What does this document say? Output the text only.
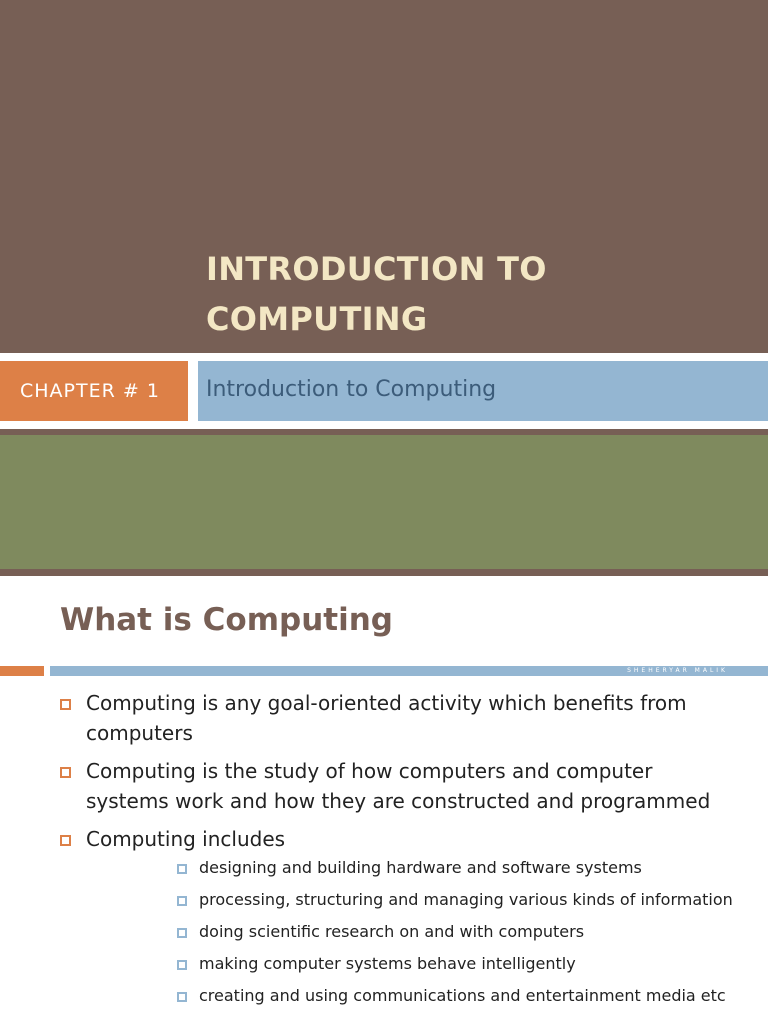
INTRODUCTION TO
COMPUTING
CHAPTER # 1 Introduction to Computing
What is Computing
SHEHERYAR MALIK
Computing is any goal-oriented activity which benefits from computers
Computing is the study of how computers and computer systems work and how they are constructed and programmed
Computing includes
designing and building hardware and software systems
processing, structuring and managing various kinds of information
doing scientific research on and with computers
making computer systems behave intelligently
creating and using communications and entertainment media etc
